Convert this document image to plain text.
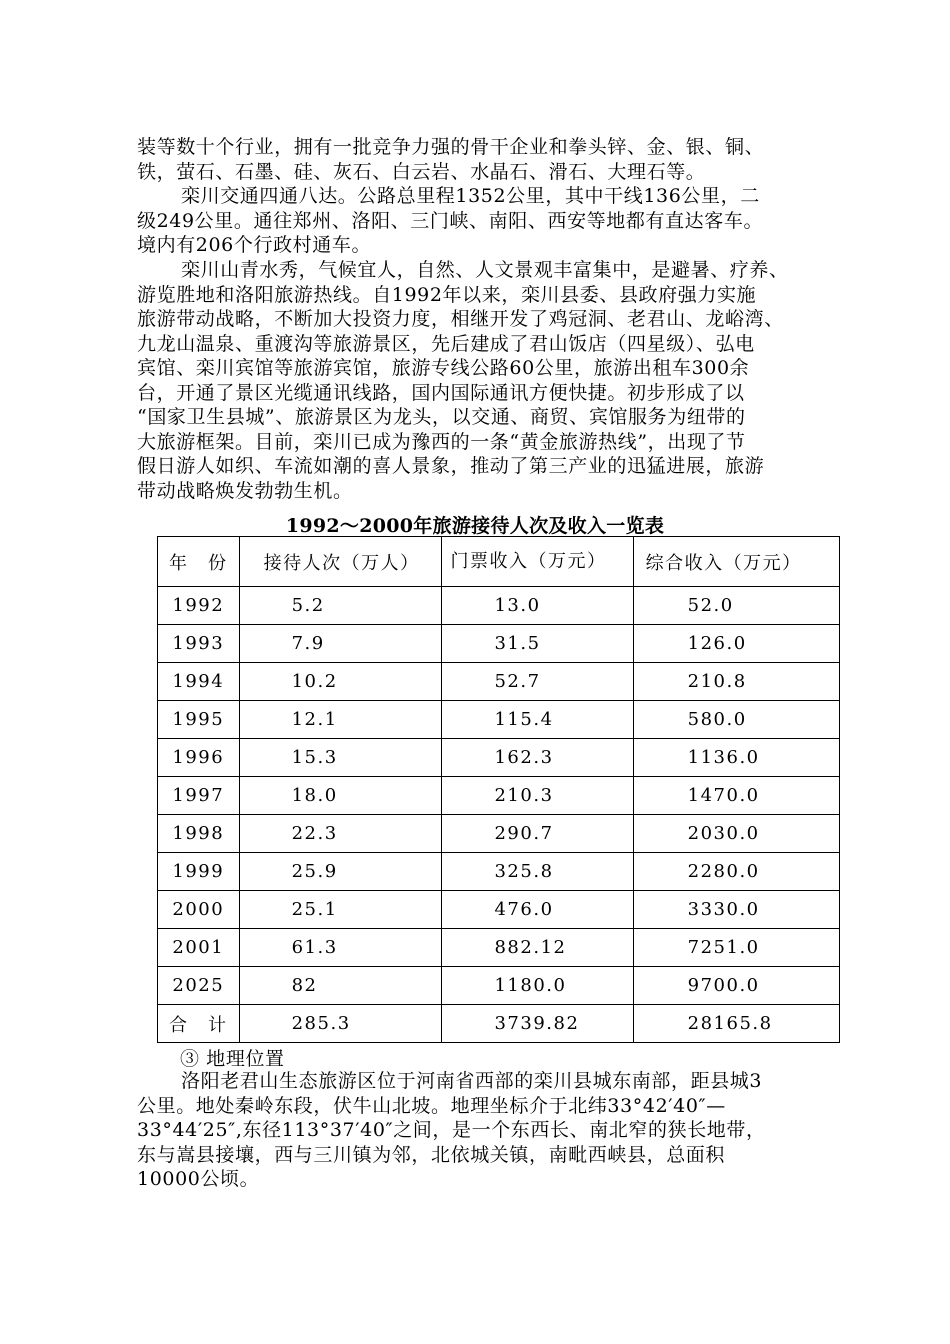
装等数十个行业，拥有一批竞争力强的骨干企业和拳头锌、金、银、铜、
铁，萤石、石墨、硅、灰石、白云岩、水晶石、滑石、大理石等。
栾川交通四通八达。公路总里程1352公里，其中干线136公里，二
级249公里。通往郑州、洛阳、三门峡、南阳、西安等地都有直达客车。
境内有206个行政村通车。
栾川山青水秀，气候宜人，自然、人文景观丰富集中，是避暑、疗养、
游览胜地和洛阳旅游热线。自1992年以来，栾川县委、县政府强力实施
旅游带动战略，不断加大投资力度，相继开发了鸡冠洞、老君山、龙峪湾、
九龙山温泉、重渡沟等旅游景区，先后建成了君山饭店（四星级）、弘电
宾馆、栾川宾馆等旅游宾馆，旅游专线公路60公里，旅游出租车300余
台，开通了景区光缆通讯线路，国内国际通讯方便快捷。初步形成了以
“国家卫生县城”、旅游景区为龙头，以交通、商贸、宾馆服务为纽带的
大旅游框架。目前，栾川已成为豫西的一条“黄金旅游热线”，出现了节
假日游人如织、车流如潮的喜人景象，推动了第三产业的迅猛进展，旅游
带动战略焕发勃勃生机。
1992～2000年旅游接待人次及收入一览表
年　份	接待人次（万人）	门票收入（万元）	综合收入（万元）
1992	5.2	13.0	52.0
1993	7.9	31.5	126.0
1994	10.2	52.7	210.8
1995	12.1	115.4	580.0
1996	15.3	162.3	1136.0
1997	18.0	210.3	1470.0
1998	22.3	290.7	2030.0
1999	25.9	325.8	2280.0
2000	25.1	476.0	3330.0
2001	61.3	882.12	7251.0
2025	82	1180.0	9700.0
合　计	285.3	3739.82	28165.8
③ 地理位置
洛阳老君山生态旅游区位于河南省西部的栾川县城东南部，距县城3
公里。地处秦岭东段，伏牛山北坡。地理坐标介于北纬33°42′40″—
33°44′25″,东径113°37′40″之间，是一个东西长、南北窄的狭长地带，
东与嵩县接壤，西与三川镇为邻，北依城关镇，南毗西峡县，总面积
10000公顷。
